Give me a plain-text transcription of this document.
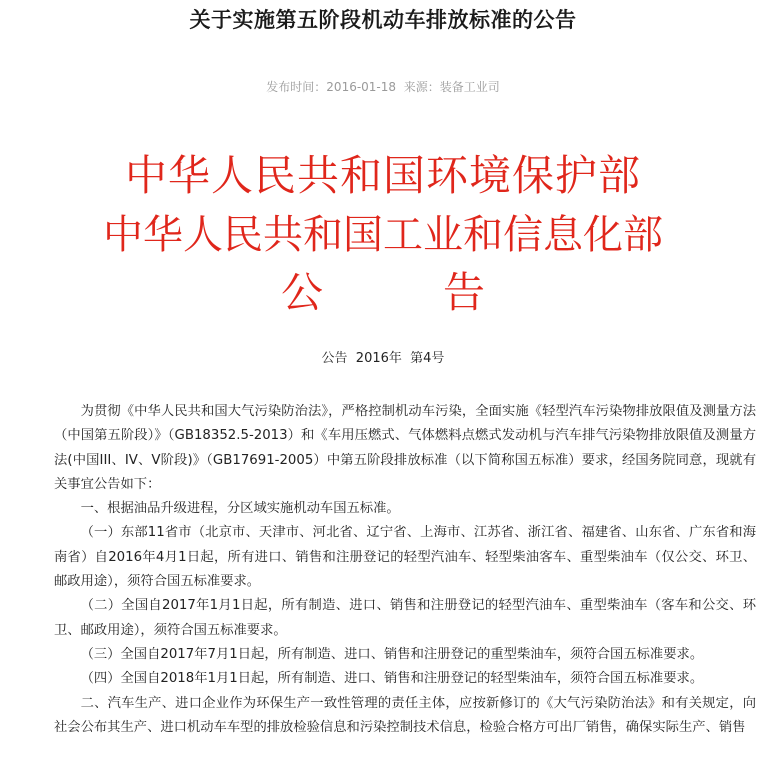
关于实施第五阶段机动车排放标准的公告
发布时间：2016-01-18 来源：装备工业司
中华人民共和国环境保护部
中华人民共和国工业和信息化部
公告
公告  2016年  第4号

为贯彻《中华人民共和国大气污染防治法》，严格控制机动车污染，全面实施《轻型汽车污染物排放限值及测量方法（中国第五阶段）》（GB18352.5-2013）和《车用压燃式、气体燃料点燃式发动机与汽车排气污染物排放限值及测量方法(中国III、IV、V阶段)》（GB17691-2005）中第五阶段排放标准（以下简称国五标准）要求，经国务院同意，现就有关事宜公告如下：

一、根据油品升级进程，分区域实施机动车国五标准。

（一）东部11省市（北京市、天津市、河北省、辽宁省、上海市、江苏省、浙江省、福建省、山东省、广东省和海南省）自2016年4月1日起，所有进口、销售和注册登记的轻型汽油车、轻型柴油客车、重型柴油车（仅公交、环卫、邮政用途），须符合国五标准要求。

（二）全国自2017年1月1日起，所有制造、进口、销售和注册登记的轻型汽油车、重型柴油车（客车和公交、环卫、邮政用途），须符合国五标准要求。

（三）全国自2017年7月1日起，所有制造、进口、销售和注册登记的重型柴油车，须符合国五标准要求。

（四）全国自2018年1月1日起，所有制造、进口、销售和注册登记的轻型柴油车，须符合国五标准要求。

二、汽车生产、进口企业作为环保生产一致性管理的责任主体，应按新修订的《大气污染防治法》和有关规定，向社会公布其生产、进口机动车车型的排放检验信息和污染控制技术信息，检验合格方可出厂销售，确保实际生产、销售
